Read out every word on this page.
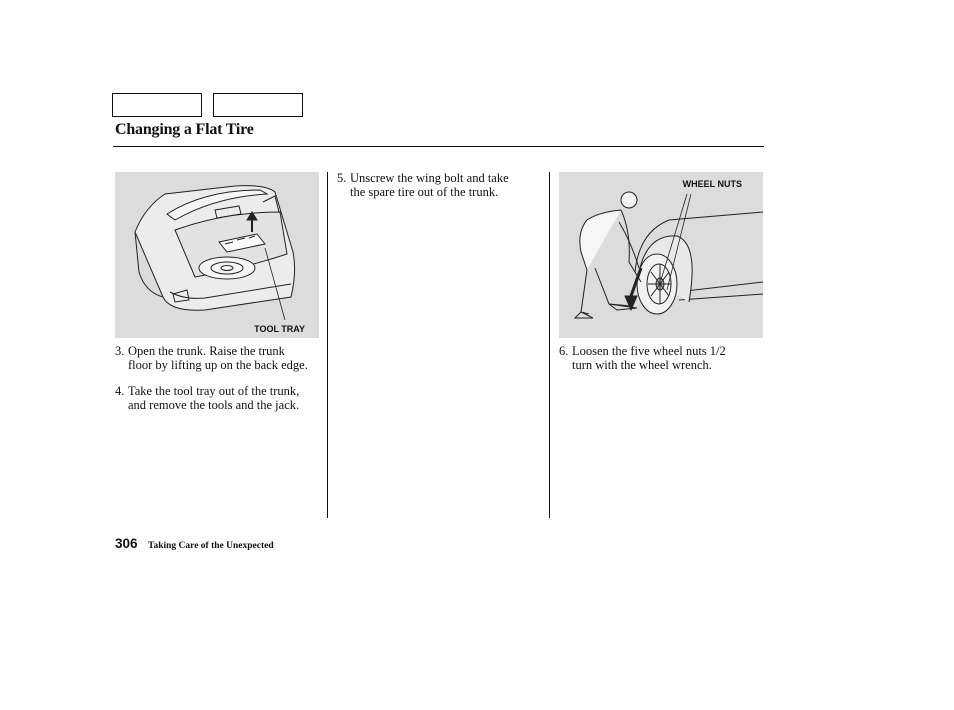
Changing a Flat Tire
TOOL TRAY
WHEEL NUTS
3. Open the trunk. Raise the trunk
floor by lifting up on the back edge.
4. Take the tool tray out of the trunk,
and remove the tools and the jack.
5. Unscrew the wing bolt and take
the spare tire out of the trunk.
6. Loosen the five wheel nuts 1/2
turn with the wheel wrench.
306 Taking Care of the Unexpected
